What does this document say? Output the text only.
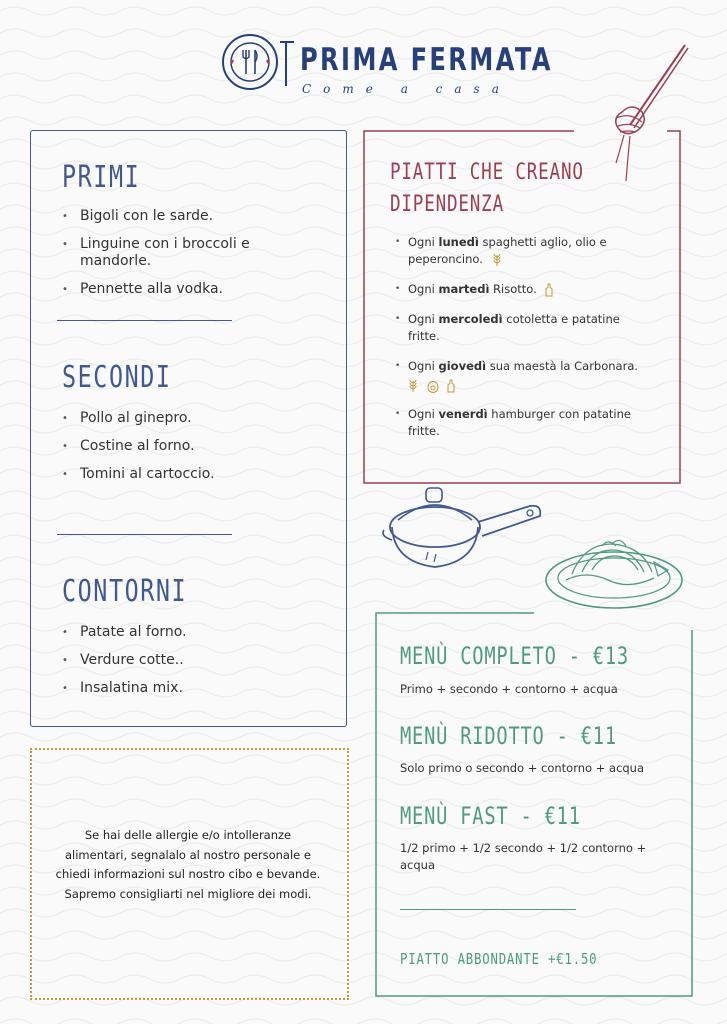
PRIMA FERMATA
Come a casa
PRIMI
• Bigoli con le sarde.
• Linguine con i broccoli e mandorle.
• Pennette alla vodka.
SECONDI
• Pollo al ginepro.
• Costine al forno.
• Tomini al cartoccio.
CONTORNI
• Patate al forno.
• Verdure cotte..
• Insalatina mix.
PIATTI CHE CREANO
DIPENDENZA
• Ogni lunedì spaghetti aglio, olio e peperoncino.
• Ogni martedì Risotto.
• Ogni mercoledì cotoletta e patatine fritte.
• Ogni giovedì sua maestà la Carbonara.

• Ogni venerdì hamburger con patatine fritte.
MENÙ COMPLETO - €13
Primo + secondo + contorno + acqua
MENÙ RIDOTTO - €11
Solo primo o secondo + contorno + acqua
MENÙ FAST - €11
1/2 primo + 1/2 secondo + 1/2 contorno + acqua
PIATTO ABBONDANTE +€1.50
Se hai delle allergie e/o intolleranze alimentari, segnalalo al nostro personale e chiedi informazioni sul nostro cibo e bevande. Sapremo consigliarti nel migliore dei modi.
